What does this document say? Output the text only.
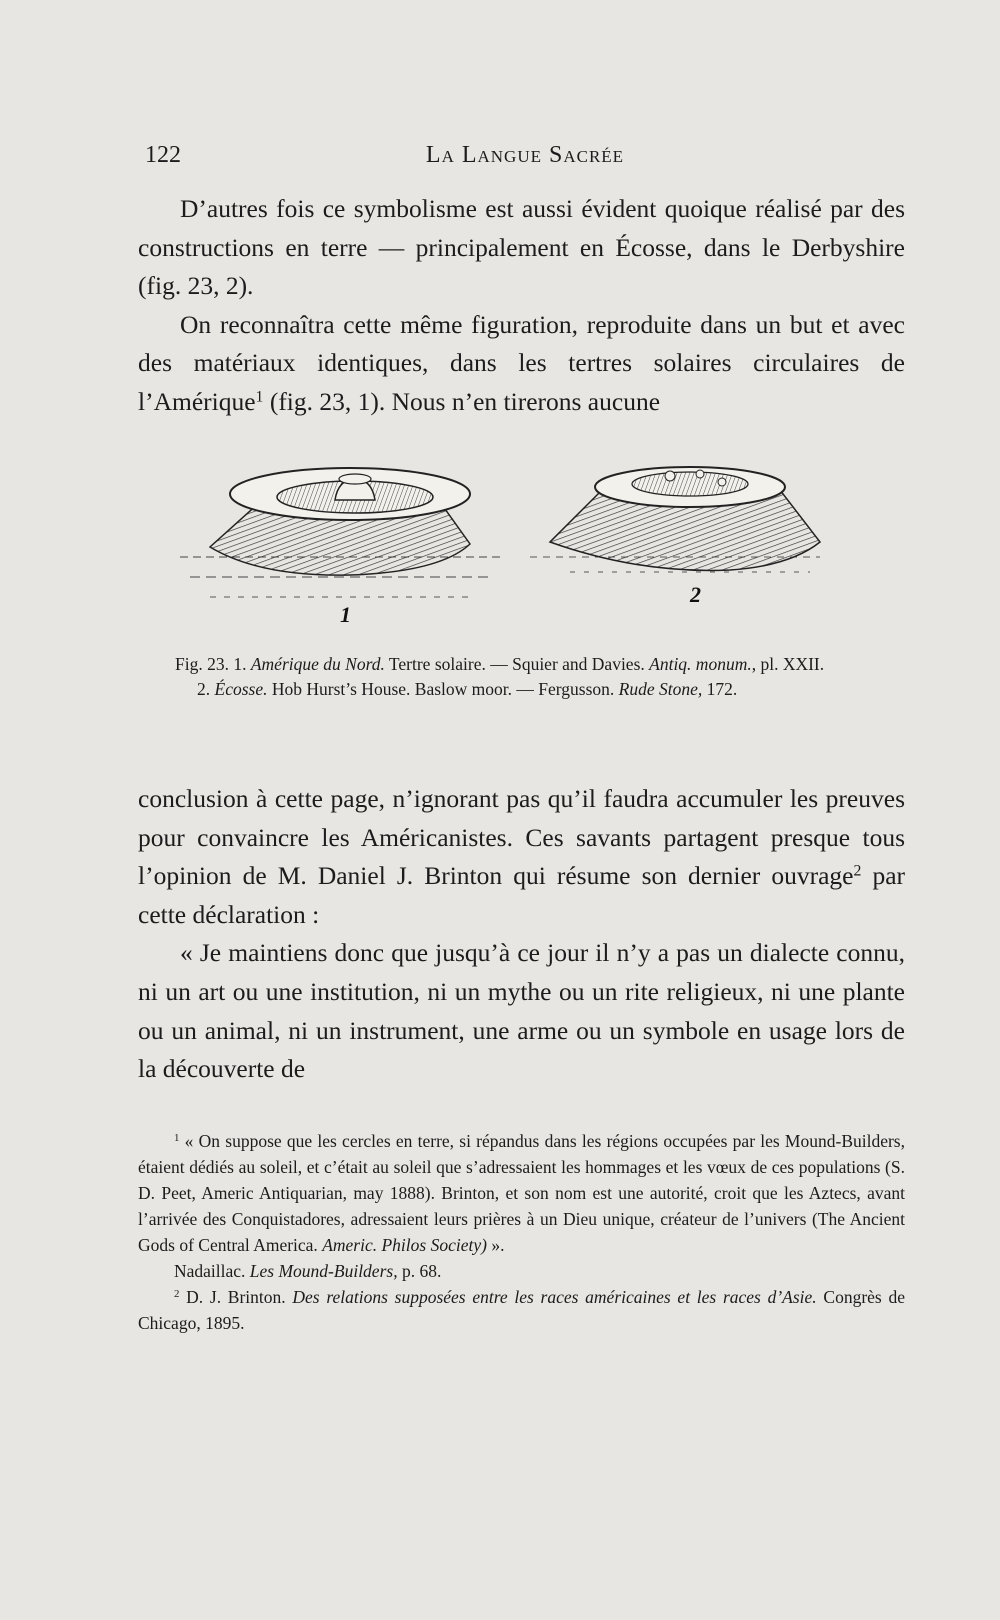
122	La Langue Sacrée

D’autres fois ce symbolisme est aussi évident quoique réalisé par des constructions en terre — principalement en Écosse, dans le Derbyshire (fig. 23, 2).

On reconnaîtra cette même figuration, reproduite dans un but et avec des matériaux identiques, dans les tertres solaires circulaires de l’Amérique$^1$ (fig. 23, 1). Nous n’en tirerons aucune

1
2

Fig. 23. 1. Amérique du Nord. Tertre solaire. — Squier and Davies. Antiq. monum., pl. XXII.

2. Écosse. Hob Hurst’s House. Baslow moor. — Fergusson. Rude Stone, 172.

conclusion à cette page, n’ignorant pas qu’il faudra accumuler les preuves pour convaincre les Américanistes. Ces savants partagent presque tous l’opinion de M. Daniel J. Brinton qui résume son dernier ouvrage$^2$ par cette déclaration :

« Je maintiens donc que jusqu’à ce jour il n’y a pas un dialecte connu, ni un art ou une institution, ni un mythe ou un rite religieux, ni une plante ou un animal, ni un instrument, une arme ou un symbole en usage lors de la découverte de

$^1$ « On suppose que les cercles en terre, si répandus dans les régions occupées par les Mound-Builders, étaient dédiés au soleil, et c’était au soleil que s’adressaient les hommages et les vœux de ces populations (S. D. Peet, Americ Antiquarian, may 1888). Brinton, et son nom est une autorité, croit que les Aztecs, avant l’arrivée des Conquistadores, adressaient leurs prières à un Dieu unique, créateur de l’univers (The Ancient Gods of Central America. Americ. Philos Society) ».

Nadaillac. Les Mound-Builders, p. 68.

$^2$ D. J. Brinton. Des relations supposées entre les races américaines et les races d’Asie. Congrès de Chicago, 1895.
